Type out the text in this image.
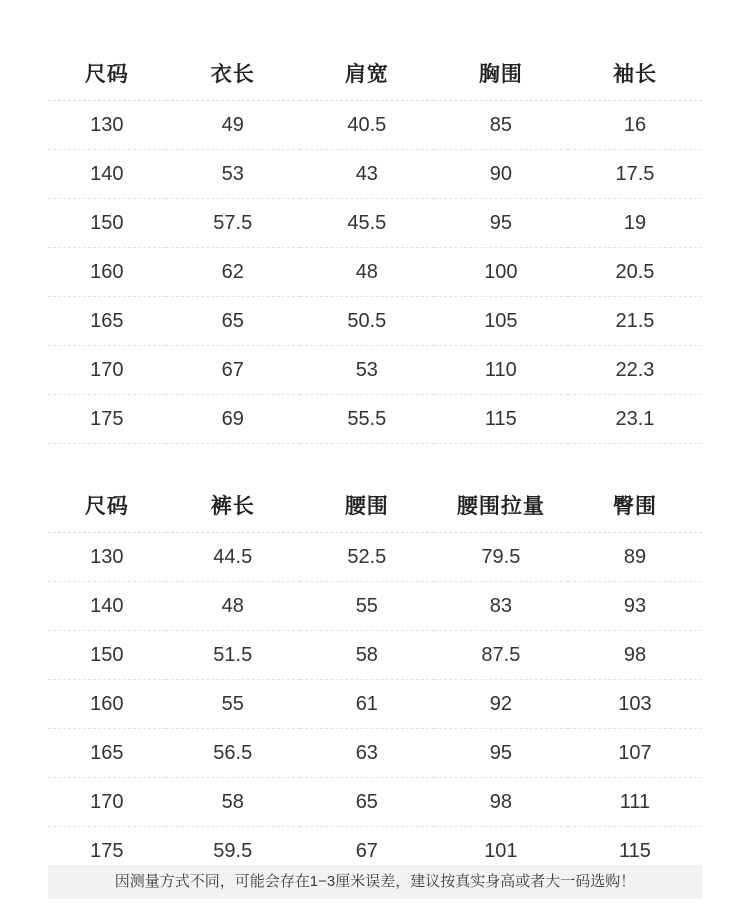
尺码	衣长	肩宽	胸围	袖长
130	49	40.5	85	16
140	53	43	90	17.5
150	57.5	45.5	95	19
160	62	48	100	20.5
165	65	50.5	105	21.5
170	67	53	110	22.3
175	69	55.5	115	23.1
尺码	裤长	腰围	腰围拉量	臀围
130	44.5	52.5	79.5	89
140	48	55	83	93
150	51.5	58	87.5	98
160	55	61	92	103
165	56.5	63	95	107
170	58	65	98	111
175	59.5	67	101	115
因测量方式不同，可能会存在1−3厘米误差，建议按真实身高或者大一码选购！
